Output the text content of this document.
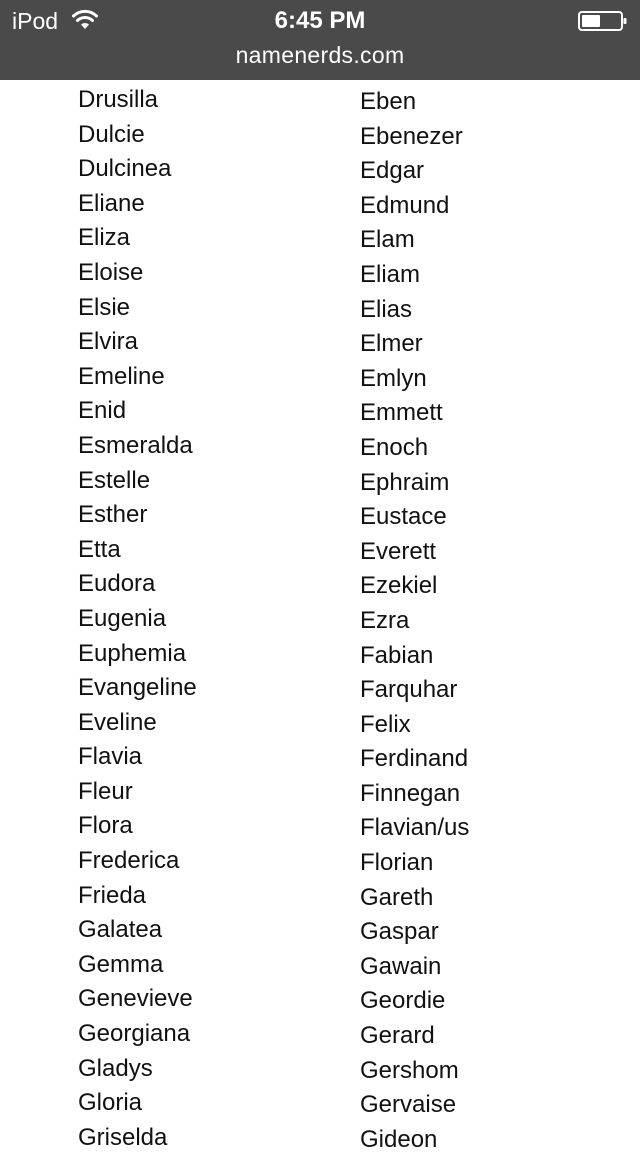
iPod	6:45 PM
namenerds.com
Drusilla
Dulcie
Dulcinea
Eliane
Eliza
Eloise
Elsie
Elvira
Emeline
Enid
Esmeralda
Estelle
Esther
Etta
Eudora
Eugenia
Euphemia
Evangeline
Eveline
Flavia
Fleur
Flora
Frederica
Frieda
Galatea
Gemma
Genevieve
Georgiana
Gladys
Gloria
Griselda
Eben
Ebenezer
Edgar
Edmund
Elam
Eliam
Elias
Elmer
Emlyn
Emmett
Enoch
Ephraim
Eustace
Everett
Ezekiel
Ezra
Fabian
Farquhar
Felix
Ferdinand
Finnegan
Flavian/us
Florian
Gareth
Gaspar
Gawain
Geordie
Gerard
Gershom
Gervaise
Gideon
